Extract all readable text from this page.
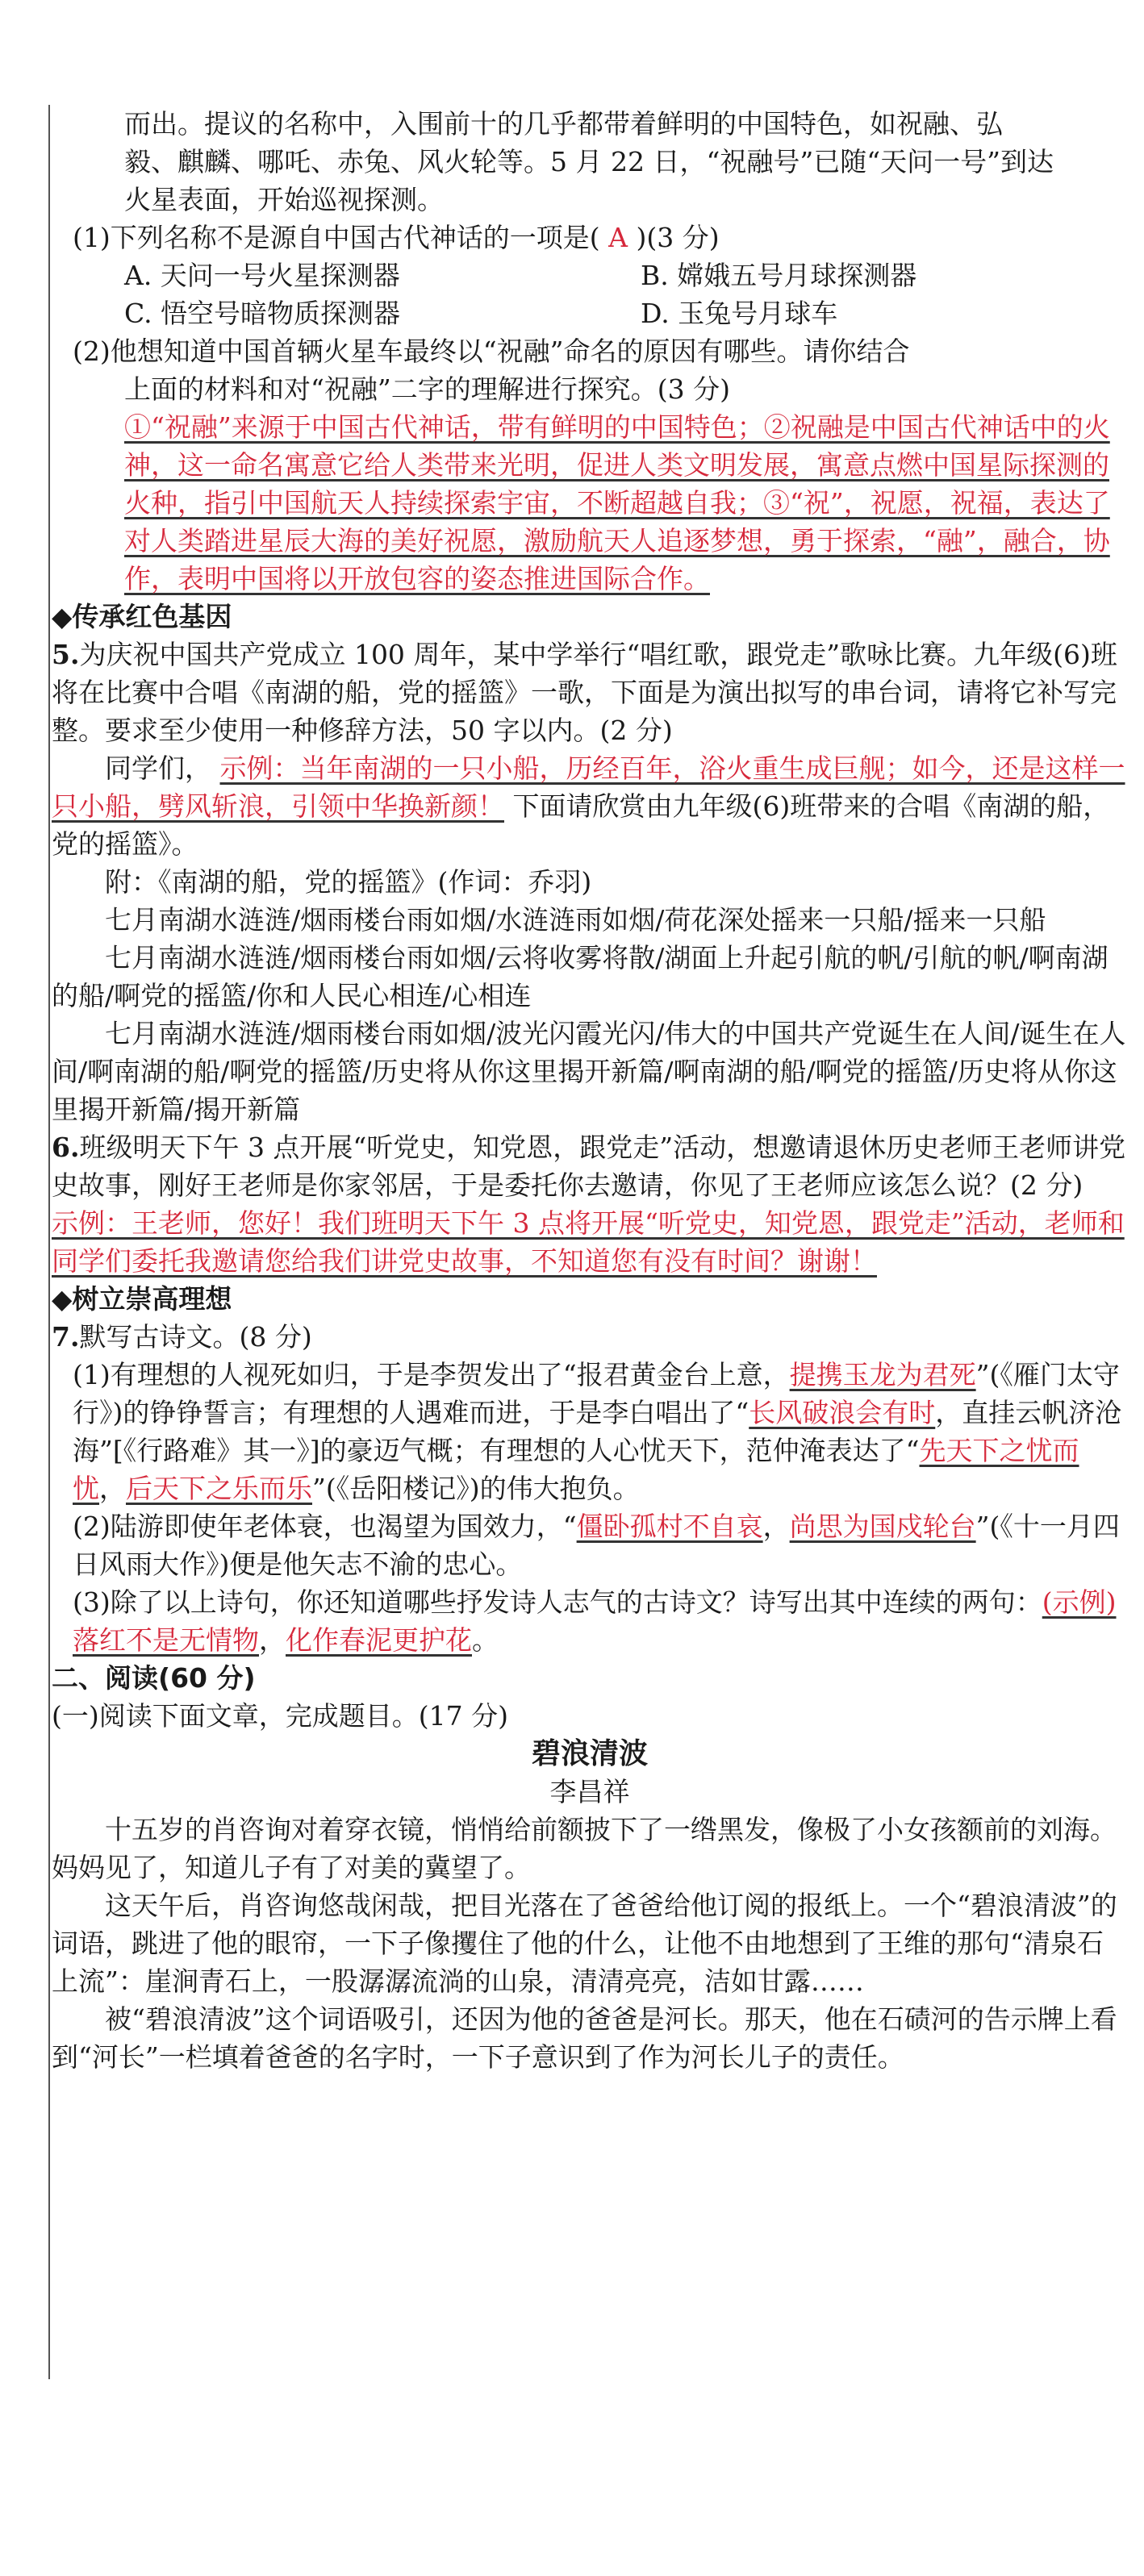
而出。提议的名称中，入围前十的几乎都带着鲜明的中国特色，如祝融、弘

毅、麒麟、哪吒、赤兔、风火轮等。5 月 22 日，“祝融号”已随“天问一号”到达

火星表面，开始巡视探测。

(1)下列名称不是源自中国古代神话的一项是( A )(3 分)

A. 天问一号火星探测器	B. 嫦娥五号月球探测器
C. 悟空号暗物质探测器	D. 玉兔号月球车

(2)他想知道中国首辆火星车最终以“祝融”命名的原因有哪些。请你结合

上面的材料和对“祝融”二字的理解进行探究。(3 分)

①“祝融”来源于中国古代神话，带有鲜明的中国特色；②祝融是中国古代神话中的火神，这一命名寓意它给人类带来光明，促进人类文明发展，寓意点燃中国星际探测的火种，指引中国航天人持续探索宇宙，不断超越自我；③“祝”，祝愿，祝福，表达了对人类踏进星辰大海的美好祝愿，激励航天人追逐梦想，勇于探索，“融”，融合，协作，表明中国将以开放包容的姿态推进国际合作。

◆传承红色基因

5.为庆祝中国共产党成立 100 周年，某中学举行“唱红歌，跟党走”歌咏比赛。九年级(6)班将在比赛中合唱《南湖的船，党的摇篮》一歌，下面是为演出拟写的串台词，请将它补写完整。要求至少使用一种修辞方法，50 字以内。(2 分)

同学们， 示例：当年南湖的一只小船，历经百年，浴火重生成巨舰；如今，还是这样一只小船，劈风斩浪，引领中华换新颜！ 下面请欣赏由九年级(6)班带来的合唱《南湖的船，党的摇篮》。

附：《南湖的船，党的摇篮》(作词：乔羽)

七月南湖水涟涟/烟雨楼台雨如烟/水涟涟雨如烟/荷花深处摇来一只船/摇来一只船

七月南湖水涟涟/烟雨楼台雨如烟/云将收雾将散/湖面上升起引航的帆/引航的帆/啊南湖的船/啊党的摇篮/你和人民心相连/心相连

七月南湖水涟涟/烟雨楼台雨如烟/波光闪霞光闪/伟大的中国共产党诞生在人间/诞生在人间/啊南湖的船/啊党的摇篮/历史将从你这里揭开新篇/啊南湖的船/啊党的摇篮/历史将从你这里揭开新篇/揭开新篇

6.班级明天下午 3 点开展“听党史，知党恩，跟党走”活动，想邀请退休历史老师王老师讲党史故事，刚好王老师是你家邻居，于是委托你去邀请，你见了王老师应该怎么说？(2 分)

示例：王老师，您好！我们班明天下午 3 点将开展“听党史，知党恩，跟党走”活动，老师和同学们委托我邀请您给我们讲党史故事，不知道您有没有时间？谢谢！

◆树立崇高理想

7.默写古诗文。(8 分)

(1)有理想的人视死如归，于是李贺发出了“报君黄金台上意，提携玉龙为君死”(《雁门太守行》)的铮铮誓言；有理想的人遇难而进，于是李白唱出了“长风破浪会有时，直挂云帆济沧海”[《行路难》其一》]的豪迈气概；有理想的人心忧天下，范仲淹表达了“先天下之忧而忧，后天下之乐而乐”(《岳阳楼记》)的伟大抱负。

(2)陆游即使年老体衰，也渴望为国效力，“僵卧孤村不自哀，尚思为国戍轮台”(《十一月四日风雨大作》)便是他矢志不渝的忠心。

(3)除了以上诗句，你还知道哪些抒发诗人志气的古诗文？诗写出其中连续的两句：(示例)落红不是无情物，化作春泥更护花。

二、阅读(60 分)

(一)阅读下面文章，完成题目。(17 分)

碧浪清波

李昌祥

十五岁的肖咨询对着穿衣镜，悄悄给前额披下了一绺黑发，像极了小女孩额前的刘海。妈妈见了，知道儿子有了对美的冀望了。

这天午后，肖咨询悠哉闲哉，把目光落在了爸爸给他订阅的报纸上。一个“碧浪清波”的词语，跳进了他的眼帘，一下子像攫住了他的什么，让他不由地想到了王维的那句“清泉石上流”：崖涧青石上，一股潺潺流淌的山泉，清清亮亮，洁如甘露……

被“碧浪清波”这个词语吸引，还因为他的爸爸是河长。那天，他在石碛河的告示牌上看到“河长”一栏填着爸爸的名字时，一下子意识到了作为河长儿子的责任。
